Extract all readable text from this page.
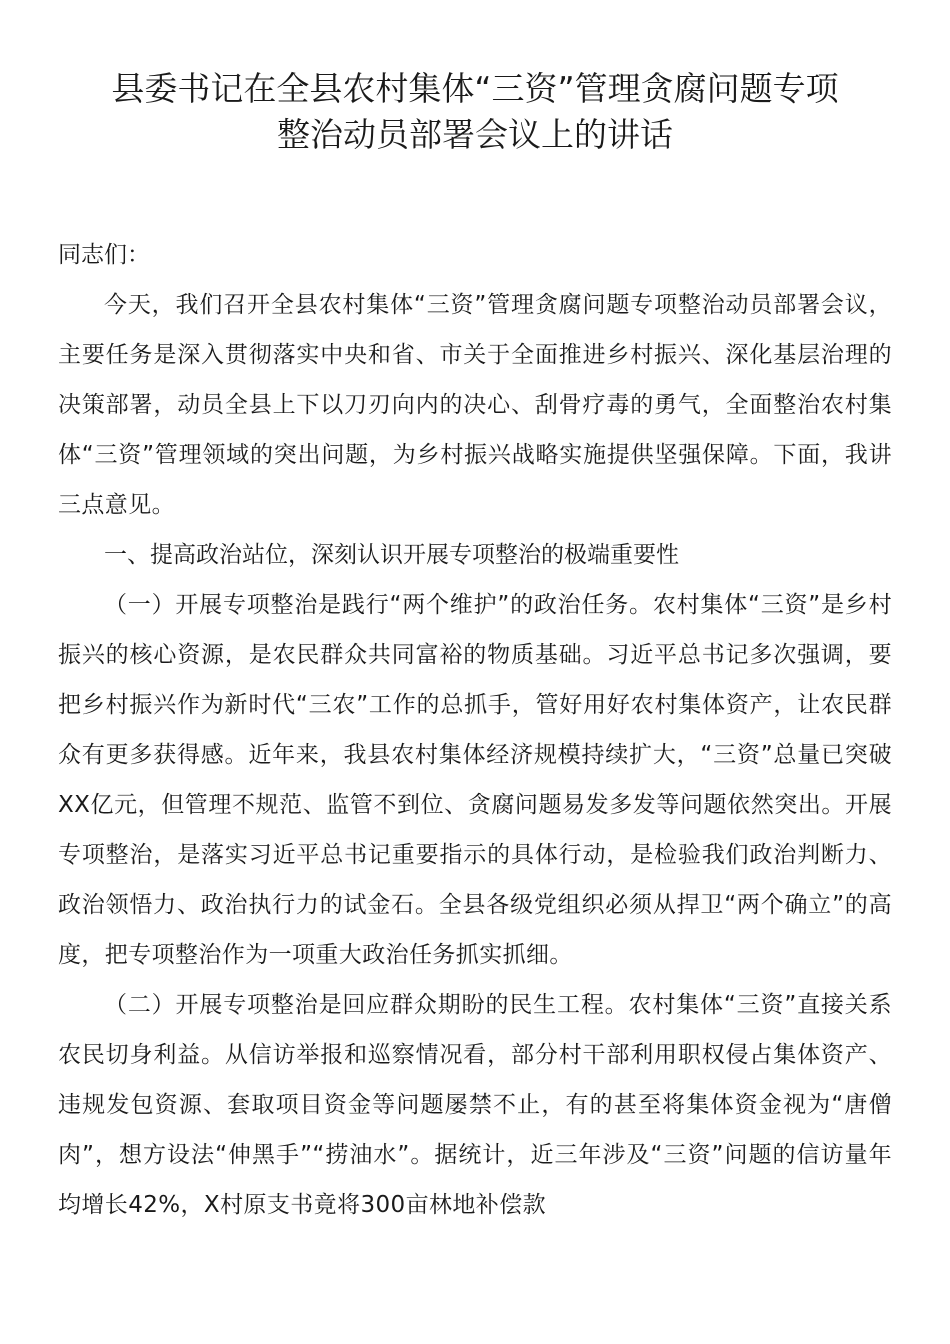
县委书记在全县农村集体“三资”管理贪腐问题专项
整治动员部署会议上的讲话

同志们：

今天，我们召开全县农村集体“三资”管理贪腐问题专项整治动员部署会议，主要任务是深入贯彻落实中央和省、市关于全面推进乡村振兴、深化基层治理的决策部署，动员全县上下以刀刃向内的决心、刮骨疗毒的勇气，全面整治农村集体“三资”管理领域的突出问题，为乡村振兴战略实施提供坚强保障。下面，我讲三点意见。

一、提高政治站位，深刻认识开展专项整治的极端重要性

（一）开展专项整治是践行“两个维护”的政治任务。农村集体“三资”是乡村振兴的核心资源，是农民群众共同富裕的物质基础。习近平总书记多次强调，要把乡村振兴作为新时代“三农”工作的总抓手，管好用好农村集体资产，让农民群众有更多获得感。近年来，我县农村集体经济规模持续扩大，“三资”总量已突破XX亿元，但管理不规范、监管不到位、贪腐问题易发多发等问题依然突出。开展专项整治，是落实习近平总书记重要指示的具体行动，是检验我们政治判断力、政治领悟力、政治执行力的试金石。全县各级党组织必须从捍卫“两个确立”的高度，把专项整治作为一项重大政治任务抓实抓细。

（二）开展专项整治是回应群众期盼的民生工程。农村集体“三资”直接关系农民切身利益。从信访举报和巡察情况看，部分村干部利用职权侵占集体资产、违规发包资源、套取项目资金等问题屡禁不止，有的甚至将集体资金视为“唐僧肉”，想方设法“伸黑手”“捞油水”。据统计，近三年涉及“三资”问题的信访量年均增长42%，X村原支书竟将300亩林地补偿款
